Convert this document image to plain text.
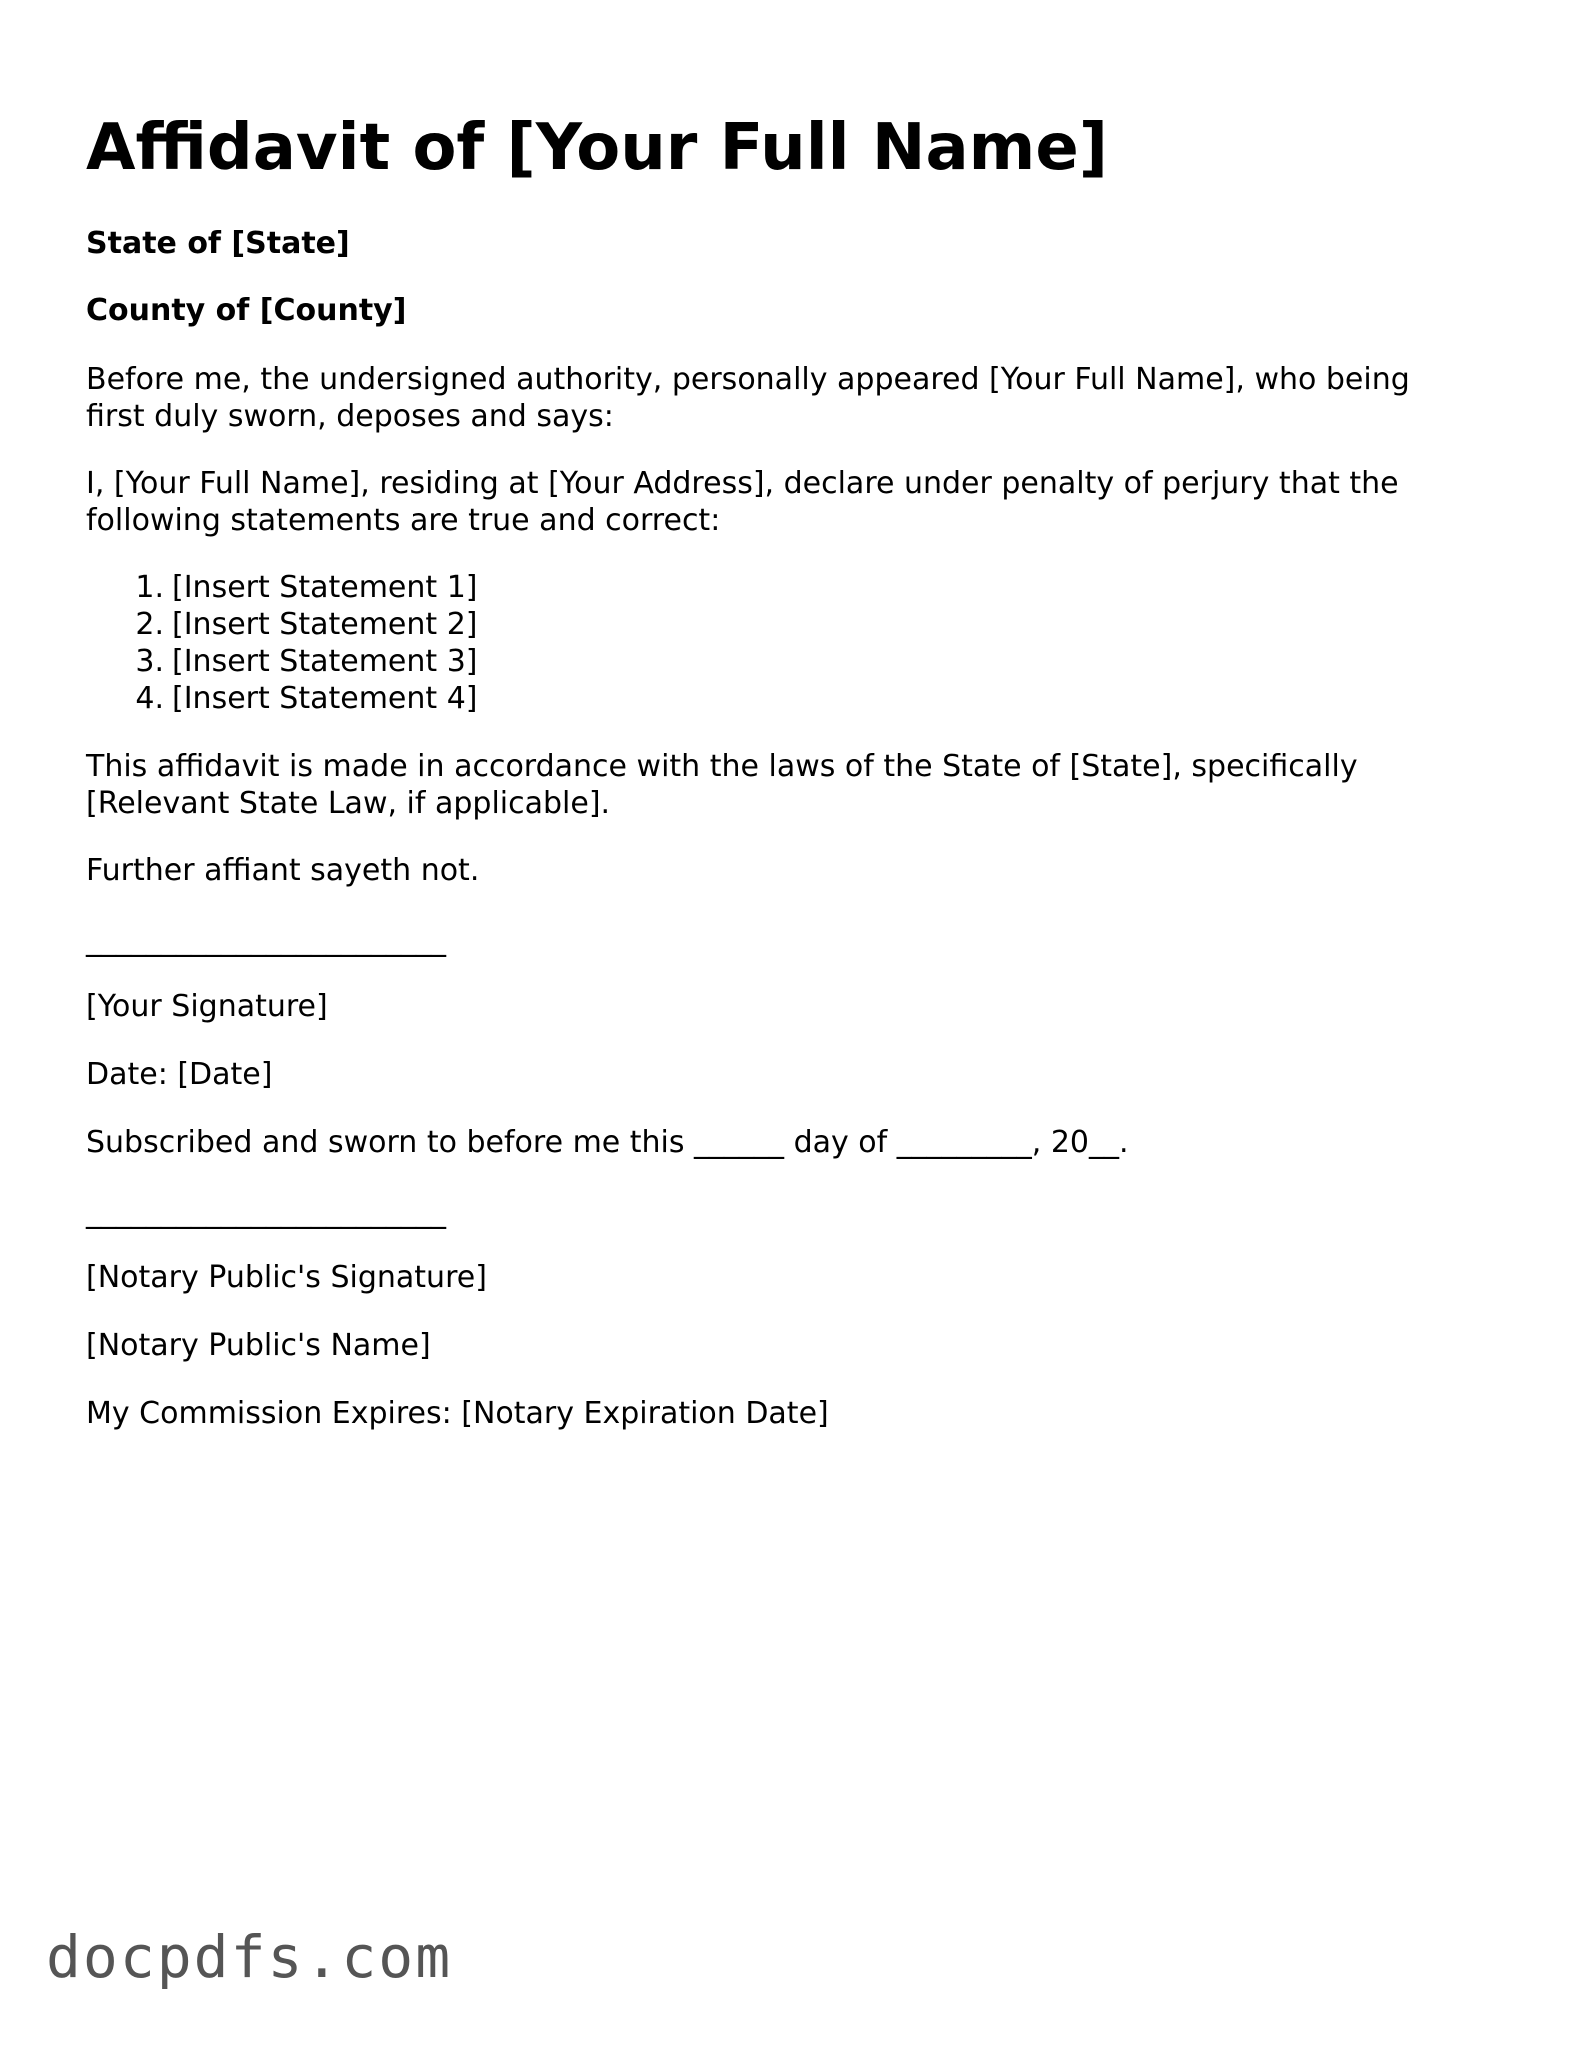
Affidavit of [Your Full Name]
State of [State]
County of [County]

Before me, the undersigned authority, personally appeared [Your Full Name], who being
first duly sworn, deposes and says:

I, [Your Full Name], residing at [Your Address], declare under penalty of perjury that the
following statements are true and correct:

1. [Insert Statement 1]
2. [Insert Statement 2]
3. [Insert Statement 3]
4. [Insert Statement 4]

This affidavit is made in accordance with the laws of the State of [State], specifically
[Relevant State Law, if applicable].

Further affiant sayeth not.

________________________

[Your Signature]

Date: [Date]

Subscribed and sworn to before me this ______ day of _________, 20__.

________________________

[Notary Public's Signature]

[Notary Public's Name]

My Commission Expires: [Notary Expiration Date]

docpdfs.com
